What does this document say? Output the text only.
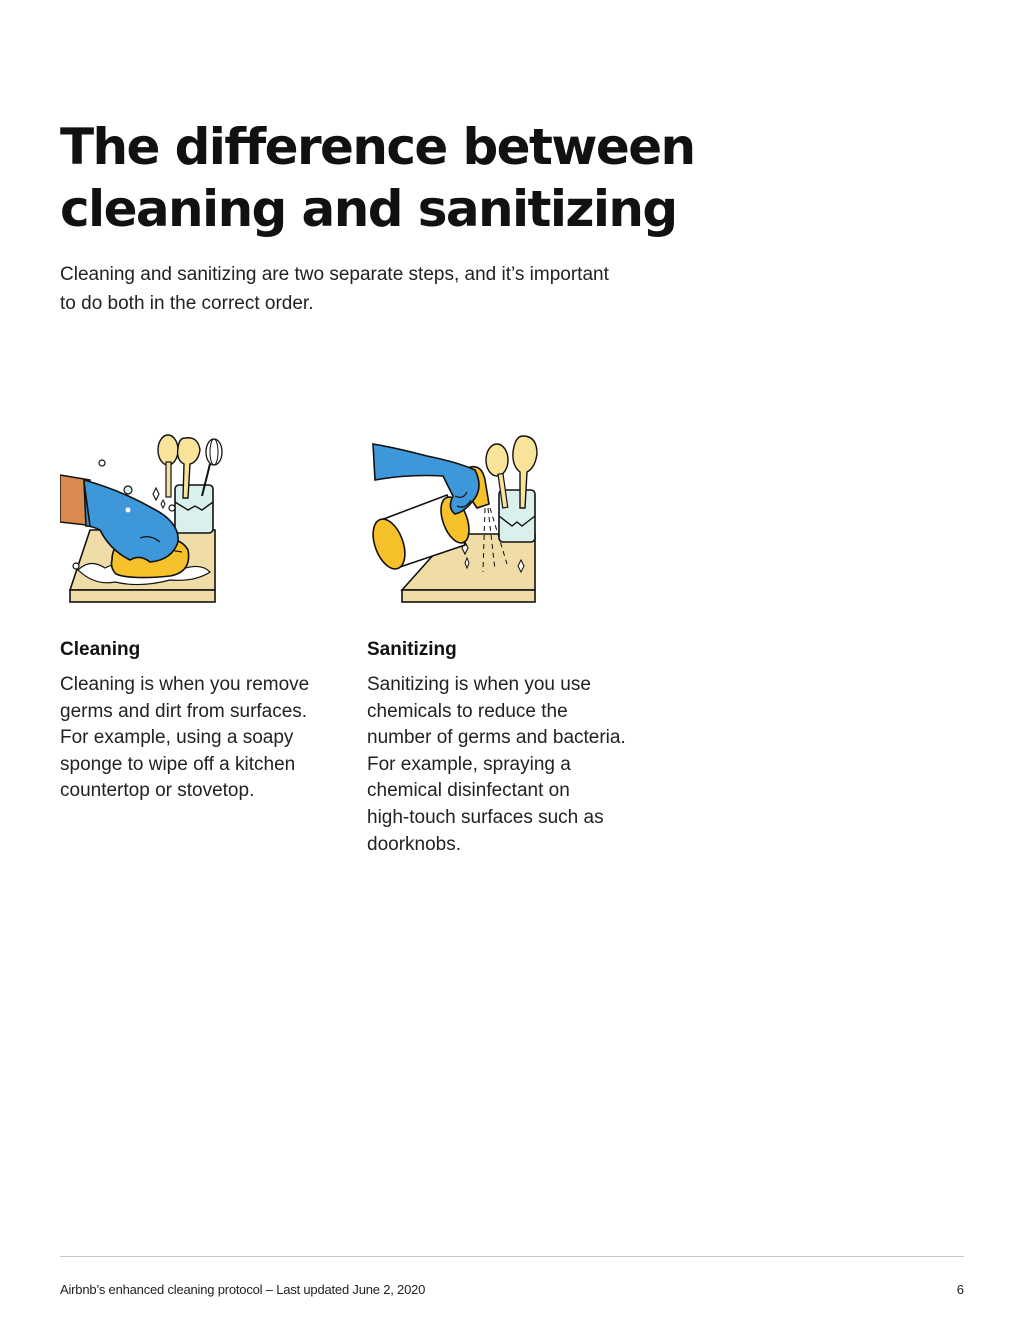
The difference between
cleaning and sanitizing

Cleaning and sanitizing are two separate steps, and it’s important
to do both in the correct order.

Cleaning

Cleaning is when you remove
germs and dirt from surfaces.
For example, using a soapy
sponge to wipe off a kitchen
countertop or stovetop.

Sanitizing

Sanitizing is when you use
chemicals to reduce the
number of germs and bacteria.
For example, spraying a
chemical disinfectant on
high-touch surfaces such as
doorknobs.

Airbnb’s enhanced cleaning protocol – Last updated June 2, 2020	6
